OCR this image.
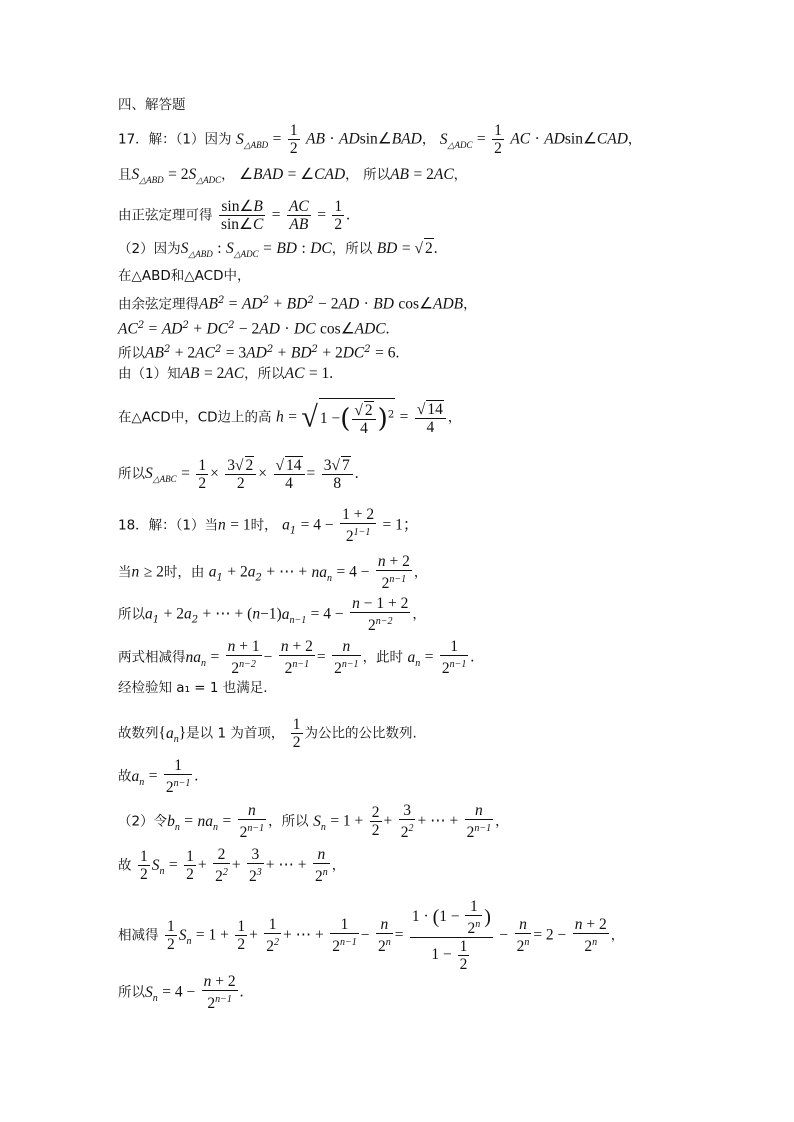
四、解答题
17．解：（1）因为 $S_{\triangle ABD} = \frac{1}{2}$ AB · ADsin∠BAD， $S_{\triangle ADC} = \frac{1}{2}$ AC · ADsin∠CAD，
且$S_{\triangle ABD} = 2S_{\triangle ADC}$， ∠BAD = ∠CAD， 所以AB = 2AC，
由正弦定理可得 $\frac{\sin\angle B}{\sin\angle C} = \frac{AC}{AB} = \frac{1}{2}$ .
（2）因为$S_{\triangle ABD}$ : $S_{\triangle ADC}$ = BD : DC，所以 BD = √ 2.
在△ABD和△ACD中，
由余弦定理得$AB^2 = AD^2 + BD^2 - 2AD$ · BD cos∠ADB，
$AC^2 = AD^2 + DC^2 - 2AD$ · DC cos∠ADC.
所以$AB^2 + 2AC^2 = 3AD^2 + BD^2 + 2DC^2 = 6$.
由（1）知AB = 2AC，所以AC = 1.
在△ACD中，CD边上的高 h = √ 1 −( $\frac{√ 2}{4} )^2 = \frac{√ 14}{4}$ ，
所以$S_{\triangle ABC} = \frac{1}{2} \times \frac{3√ 2}{2} \times \frac{√ 14}{4} = \frac{3√ 7}{8}$ .
18．解：（1）当n = 1时， $a_1 = 4 - \frac{1 + 2}{2^{1-1}} = 1$；
当n ≥ 2时，由 $a_1 + 2a_2$ + ⋯ + $na_n = 4 - \frac{n + 2}{2^{n-1}}$ ，
所以$a_1 + 2a_2$ + ⋯ + $(n-1)a_{n-1} = 4 - \frac{n - 1 + 2}{2^{n-2}}$ ，
两式相减得$na_n = \frac{n + 1}{2^{n-2}} - \frac{n + 2}{2^{n-1}} = \frac{n}{2^{n-1}}$ ，此时 $a_n = \frac{1}{2^{n-1}}$ .
经检验知 a₁ = 1 也满足.
故数列$\{a_n\}$是以 1 为首项， $\frac{1}{2}$ 为公比的公比数列.
故$a_n = \frac{1}{2^{n-1}}$ .
（2）令$b_n = na_n = \frac{n}{2^{n-1}}$ ，所以 $S_n = 1 + \frac{2}{2} + \frac{3}{2^2}$ + ⋯ + $\frac{n}{2^{n-1}}$ ，
故 $\frac{1}{2} S_n = \frac{1}{2} + \frac{2}{2^2} + \frac{3}{2^3}$ + ⋯ + $\frac{n}{2^n}$ ，
相减得 $\frac{1}{2} S_n = 1 + \frac{1}{2} + \frac{1}{2^2}$ + ⋯ + $\frac{1}{2^{n-1}} - \frac{n}{2^n} = \frac{1 \cdot (1 - \frac{1}{2^n} )}{1 - \frac{1}{2}} - \frac{n}{2^n} = 2 - \frac{n + 2}{2^n}$ ，
所以$S_n = 4 - \frac{n + 2}{2^{n-1}}$ .
